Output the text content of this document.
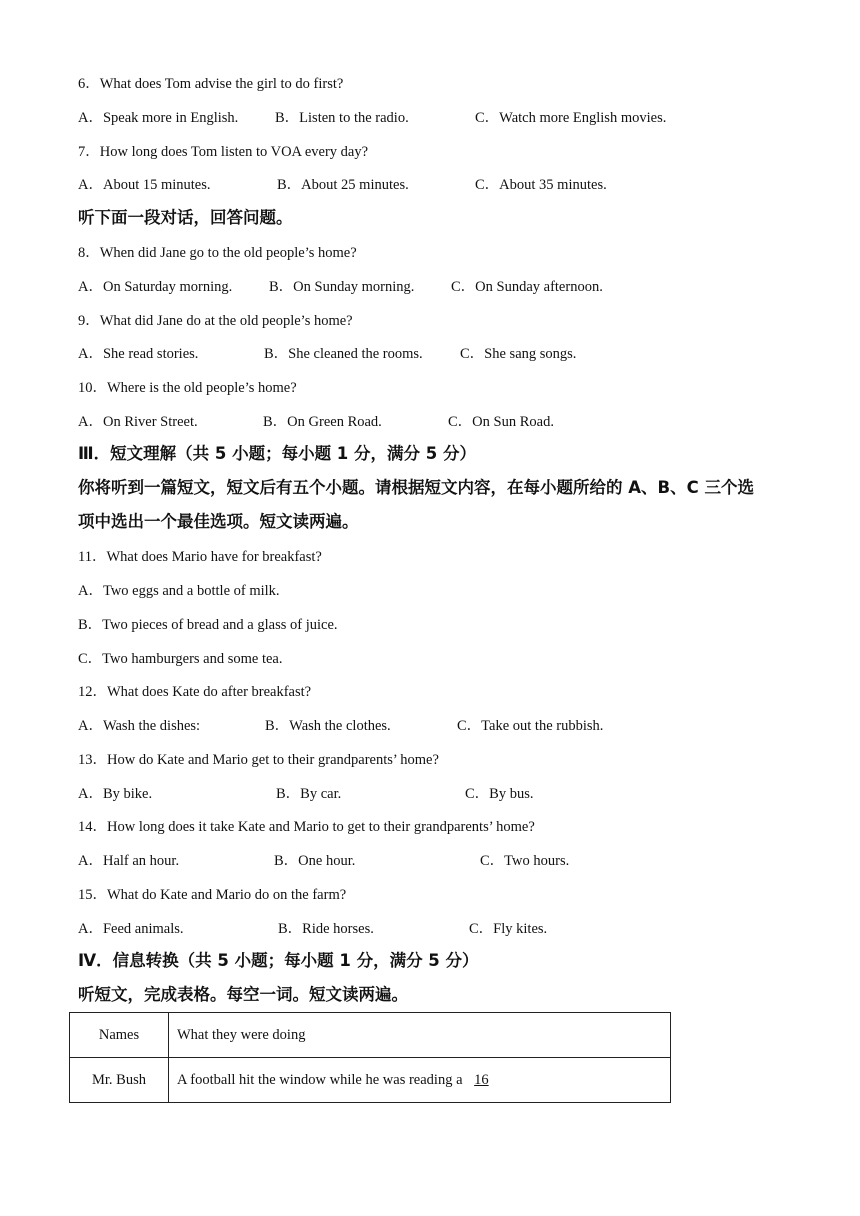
6．What does Tom advise the girl to do first?
A．Speak more in English.	B．Listen to the radio.	C．Watch more English movies.
7．How long does Tom listen to VOA every day?
A．About 15 minutes.	B．About 25 minutes.	C．About 35 minutes.
听下面一段对话，回答问题。
8．When did Jane go to the old people’s home?
A．On Saturday morning.	B．On Sunday morning.	C．On Sunday afternoon.
9．What did Jane do at the old people’s home?
A．She read stories.	B．She cleaned the rooms.	C．She sang songs.
10．Where is the old people’s home?
A．On River Street.	B．On Green Road.	C．On Sun Road.
Ⅲ．短文理解（共 5 小题；每小题 1 分，满分 5 分）
你将听到一篇短文，短文后有五个小题。请根据短文内容，在每小题所给的 A、B、C 三个选
项中选出一个最佳选项。短文读两遍。
11．What does Mario have for breakfast?
A．Two eggs and a bottle of milk.
B．Two pieces of bread and a glass of juice.
C．Two hamburgers and some tea.
12．What does Kate do after breakfast?
A．Wash the dishes:	B．Wash the clothes.	C．Take out the rubbish.
13．How do Kate and Mario get to their grandparents’ home?
A．By bike.	B．By car.	C．By bus.
14．How long does it take Kate and Mario to get to their grandparents’ home?
A．Half an hour.	B．One hour.	C．Two hours.
15．What do Kate and Mario do on the farm?
A．Feed animals.	B．Ride horses.	C．Fly kites.
Ⅳ．信息转换（共 5 小题；每小题 1 分，满分 5 分）
听短文，完成表格。每空一词。短文读两遍。
Names	What they were doing
Mr. Bush	A football hit the window while he was reading a 16
